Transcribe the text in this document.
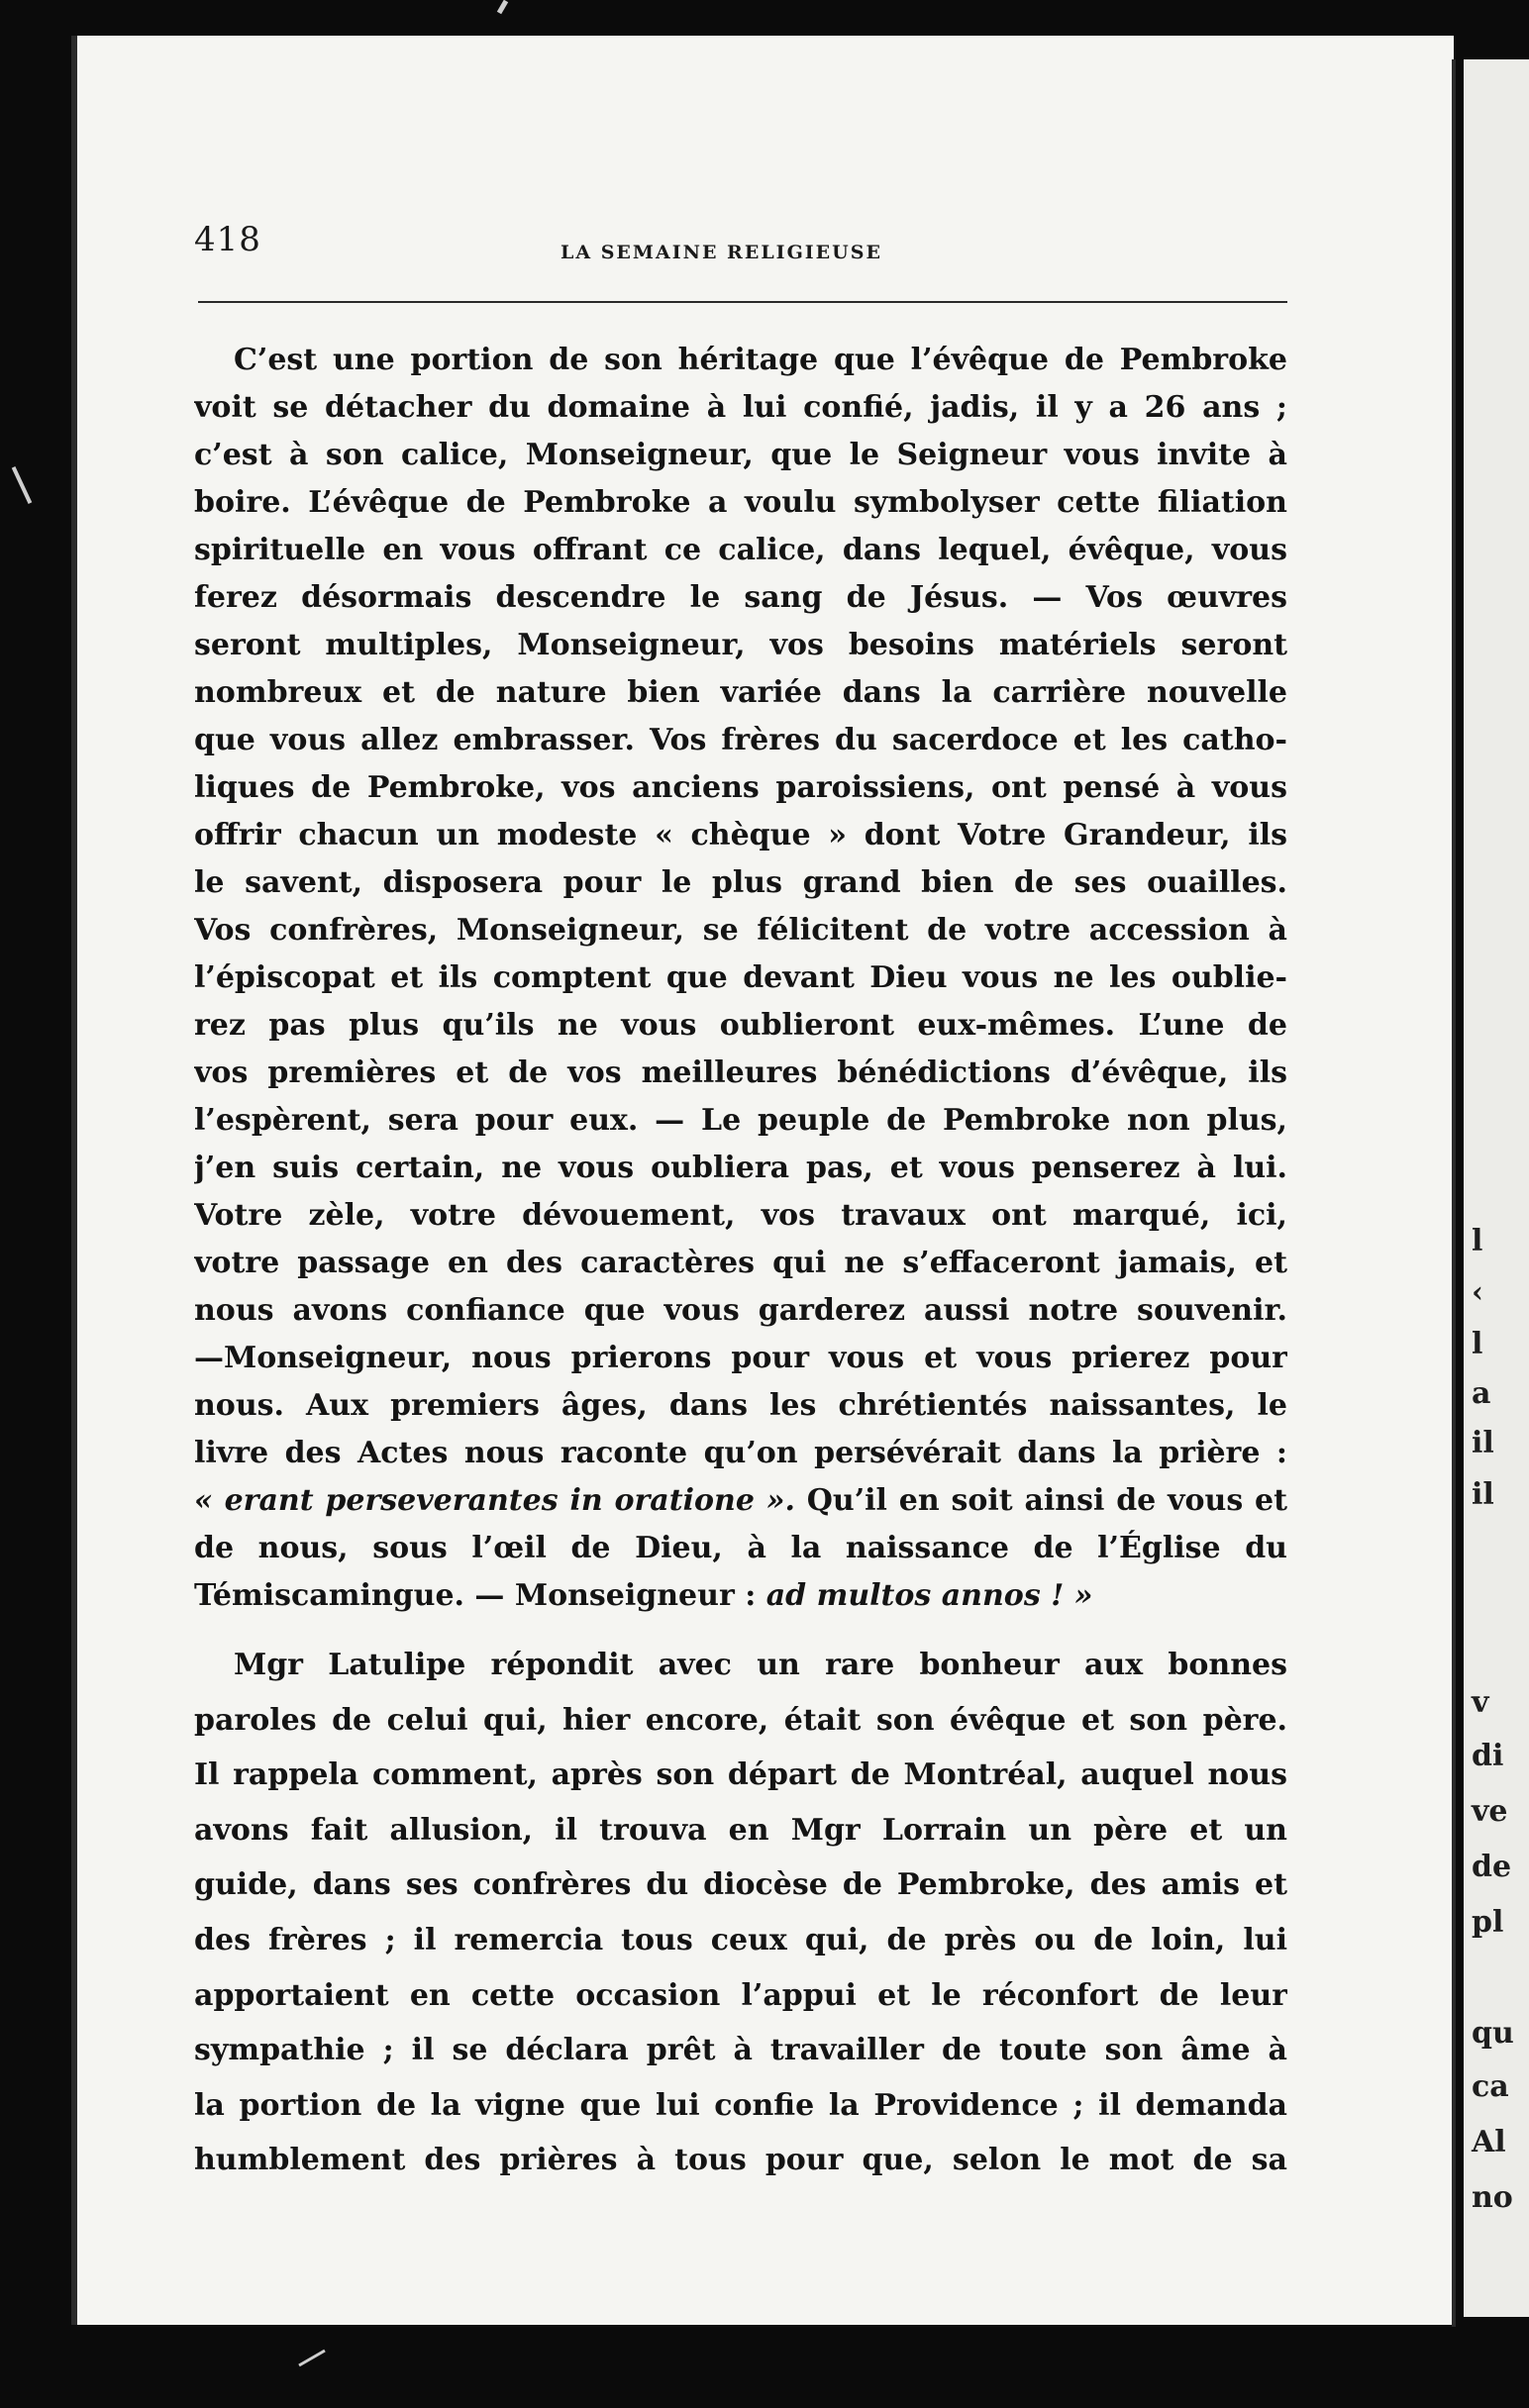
418	LA SEMAINE RELIGIEUSE
C’est une portion de son héritage que l’évêque de Pembroke
voit se détacher du domaine à lui confié, jadis, il y a 26 ans ;
c’est à son calice, Monseigneur, que le Seigneur vous invite à
boire. L’évêque de Pembroke a voulu symbolyser cette filiation
spirituelle en vous offrant ce calice, dans lequel, évêque, vous
ferez désormais descendre le sang de Jésus. — Vos œuvres
seront multiples, Monseigneur, vos besoins matériels seront
nombreux et de nature bien variée dans la carrière nouvelle
que vous allez embrasser. Vos frères du sacerdoce et les catho-
liques de Pembroke, vos anciens paroissiens, ont pensé à vous
offrir chacun un modeste « chèque » dont Votre Grandeur, ils
le savent, disposera pour le plus grand bien de ses ouailles.
Vos confrères, Monseigneur, se félicitent de votre accession à
l’épiscopat et ils comptent que devant Dieu vous ne les oublie-
rez pas plus qu’ils ne vous oublieront eux-mêmes. L’une de
vos premières et de vos meilleures bénédictions d’évêque, ils
l’espèrent, sera pour eux. — Le peuple de Pembroke non plus,
j’en suis certain, ne vous oubliera pas, et vous penserez à lui.
Votre zèle, votre dévouement, vos travaux ont marqué, ici,
votre passage en des caractères qui ne s’effaceront jamais, et
nous avons confiance que vous garderez aussi notre souvenir.
—Monseigneur, nous prierons pour vous et vous prierez pour
nous. Aux premiers âges, dans les chrétientés naissantes, le
livre des Actes nous raconte qu’on persévérait dans la prière :
« erant perseverantes in oratione ». Qu’il en soit ainsi de vous et
de nous, sous l’œil de Dieu, à la naissance de l’Église du
Témiscamingue. — Monseigneur : ad multos annos ! »
Mgr Latulipe répondit avec un rare bonheur aux bonnes
paroles de celui qui, hier encore, était son évêque et son père.
Il rappela comment, après son départ de Montréal, auquel nous
avons fait allusion, il trouva en Mgr Lorrain un père et un
guide, dans ses confrères du diocèse de Pembroke, des amis et
des frères ; il remercia tous ceux qui, de près ou de loin, lui
apportaient en cette occasion l’appui et le réconfort de leur
sympathie ; il se déclara prêt à travailler de toute son âme à
la portion de la vigne que lui confie la Providence ; il demanda
humblement des prières à tous pour que, selon le mot de sa
l
‹
l
a
il
il
v
di
ve
de
pl
qu
ca
Al
no
